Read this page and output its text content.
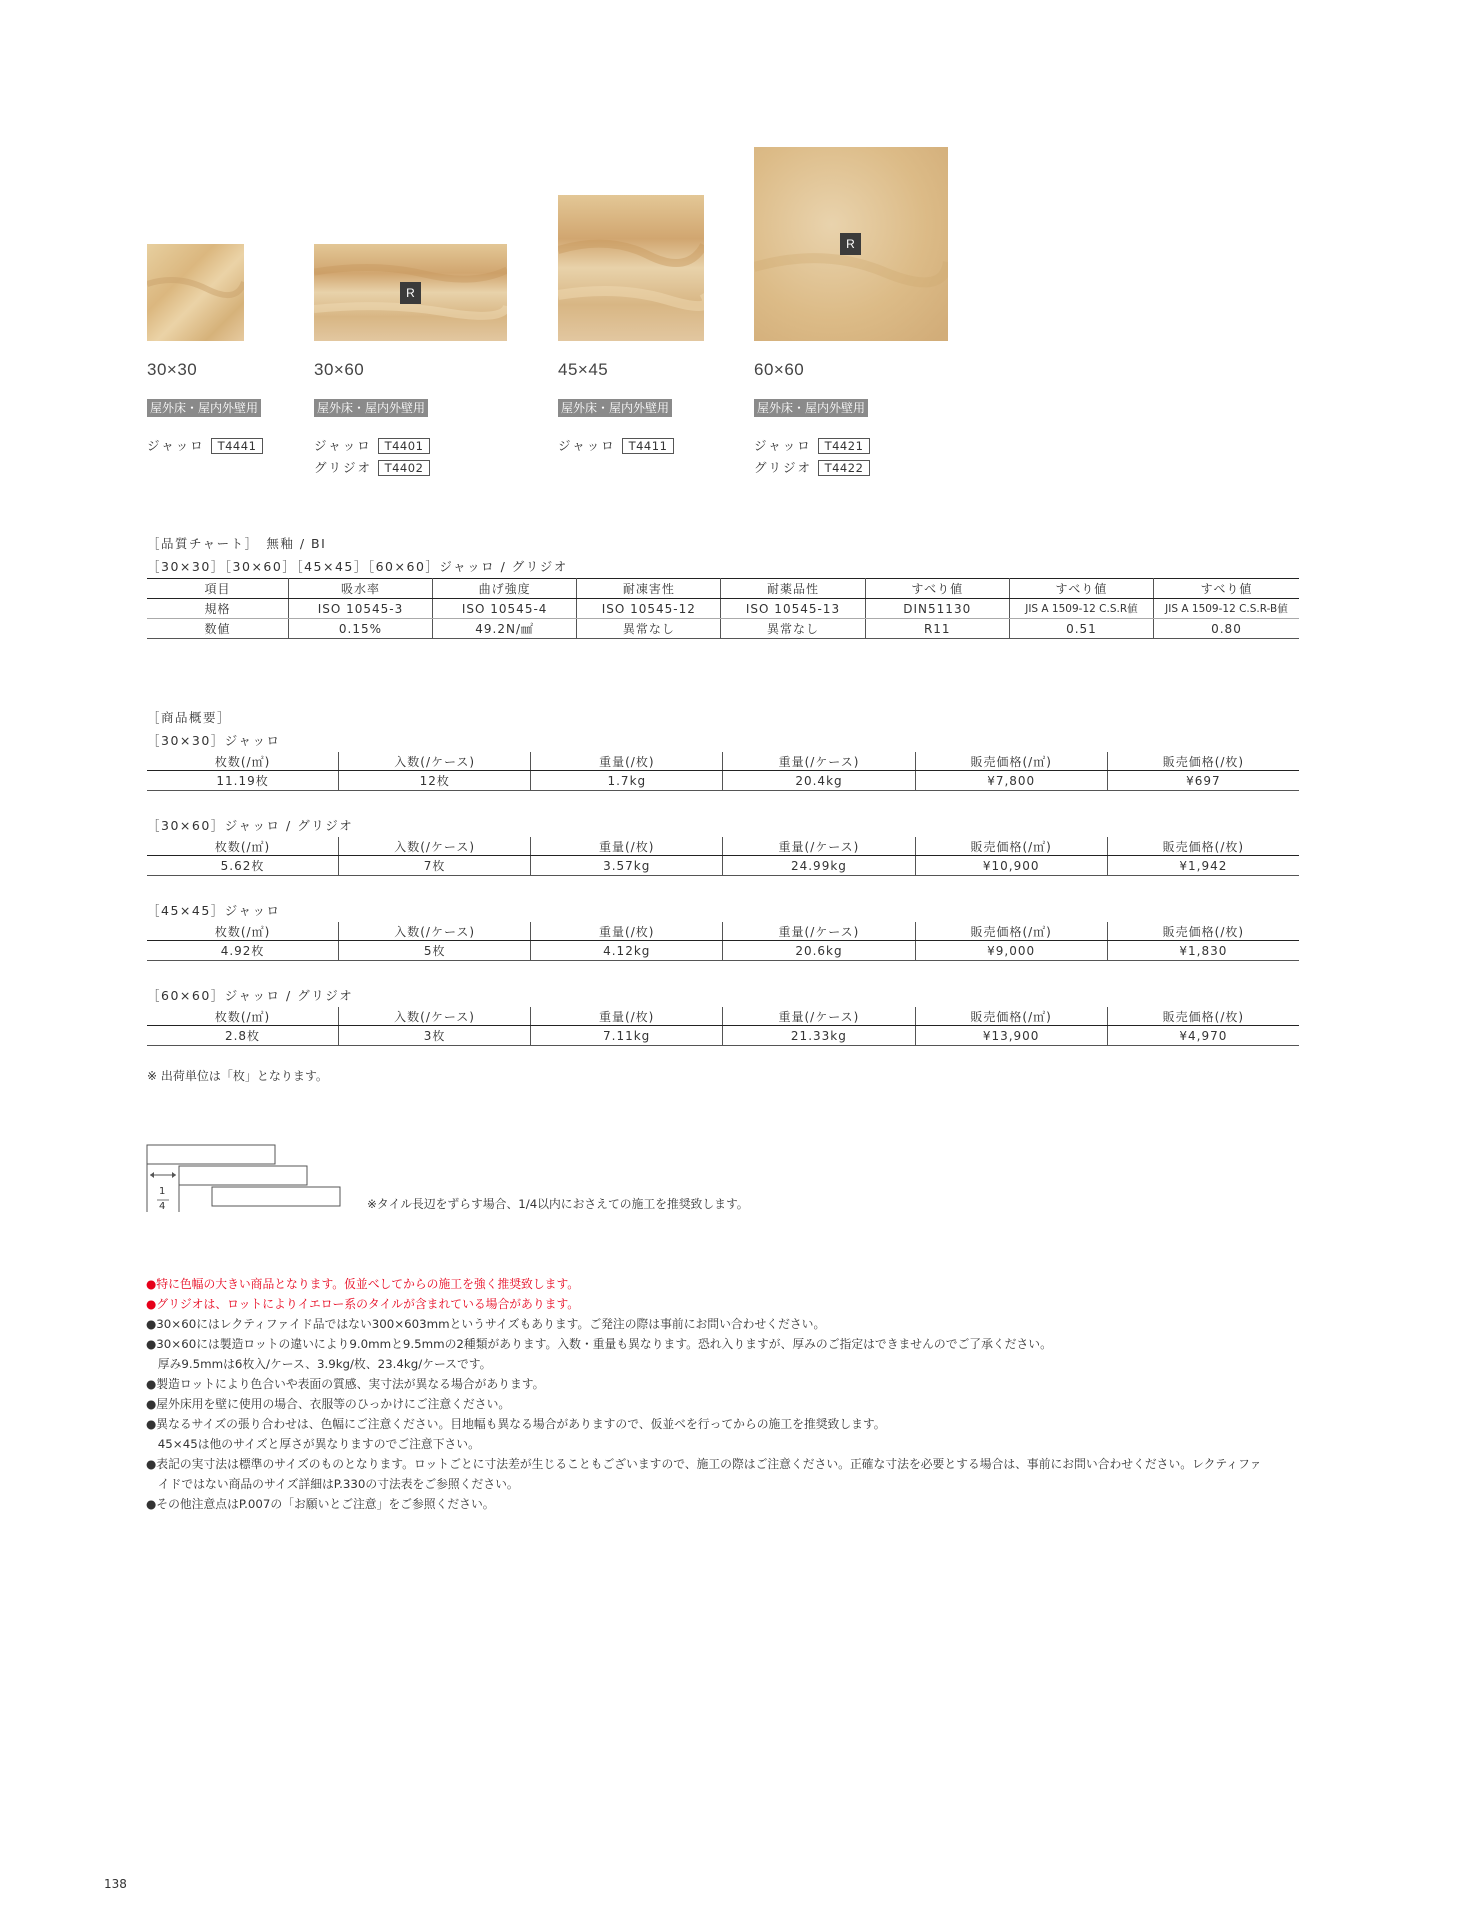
R
R
30×30	30×60	45×45	60×60
屋外床・屋内外壁用	屋外床・屋内外壁用	屋外床・屋内外壁用	屋外床・屋内外壁用
ジャッロ T4441	ジャッロ T4401
グリジオ T4402
ジャッロ T4411	ジャッロ T4421
グリジオ T4422
［品質チャート］　無釉 / BⅠ
［30×30］［30×60］［45×45］［60×60］ジャッロ / グリジオ
項目	吸水率	曲げ強度	耐凍害性	耐薬品性	すべり値	すべり値	すべり値
規格	ISO 10545-3	ISO 10545-4	ISO 10545-12	ISO 10545-13	DIN51130	JIS A 1509-12 C.S.R値	JIS A 1509-12 C.S.R-B値
数値	0.15%	49.2N/㎟	異常なし	異常なし	R11	0.51	0.80
［商品概要］
［30×30］ジャッロ
枚数(/㎡)	入数(/ケース)	重量(/枚)	重量(/ケース)	販売価格(/㎡)	販売価格(/枚)
11.19枚	12枚	1.7kg	20.4kg	¥7,800	¥697
［30×60］ジャッロ / グリジオ
枚数(/㎡)	入数(/ケース)	重量(/枚)	重量(/ケース)	販売価格(/㎡)	販売価格(/枚)
5.62枚	7枚	3.57kg	24.99kg	¥10,900	¥1,942
［45×45］ジャッロ
枚数(/㎡)	入数(/ケース)	重量(/枚)	重量(/ケース)	販売価格(/㎡)	販売価格(/枚)
4.92枚	5枚	4.12kg	20.6kg	¥9,000	¥1,830
［60×60］ジャッロ / グリジオ
枚数(/㎡)	入数(/ケース)	重量(/枚)	重量(/ケース)	販売価格(/㎡)	販売価格(/枚)
2.8枚	3枚	7.11kg	21.33kg	¥13,900	¥4,970
※ 出荷単位は「枚」となります。
1
4	※タイル長辺をずらす場合、1/4以内におさえての施工を推奨致します。
●特に色幅の大きい商品となります。仮並べしてからの施工を強く推奨致します。
●グリジオは、ロットによりイエロー系のタイルが含まれている場合があります。
●30×60にはレクティファイド品ではない300×603mmというサイズもあります。ご発注の際は事前にお問い合わせください。
●30×60には製造ロットの違いにより9.0mmと9.5mmの2種類があります。入数・重量も異なります。恐れ入りますが、厚みのご指定はできませんのでご了承ください。
　厚み9.5mmは6枚入/ケース、3.9kg/枚、23.4kg/ケースです。
●製造ロットにより色合いや表面の質感、実寸法が異なる場合があります。
●屋外床用を壁に使用の場合、衣服等のひっかけにご注意ください。
●異なるサイズの張り合わせは、色幅にご注意ください。目地幅も異なる場合がありますので、仮並べを行ってからの施工を推奨致します。
　45×45は他のサイズと厚さが異なりますのでご注意下さい。
●表記の実寸法は標準のサイズのものとなります。ロットごとに寸法差が生じることもございますので、施工の際はご注意ください。正確な寸法を必要とする場合は、事前にお問い合わせください。レクティファ
　イドではない商品のサイズ詳細はP.330の寸法表をご参照ください。
●その他注意点はP.007の「お願いとご注意」をご参照ください。
138
